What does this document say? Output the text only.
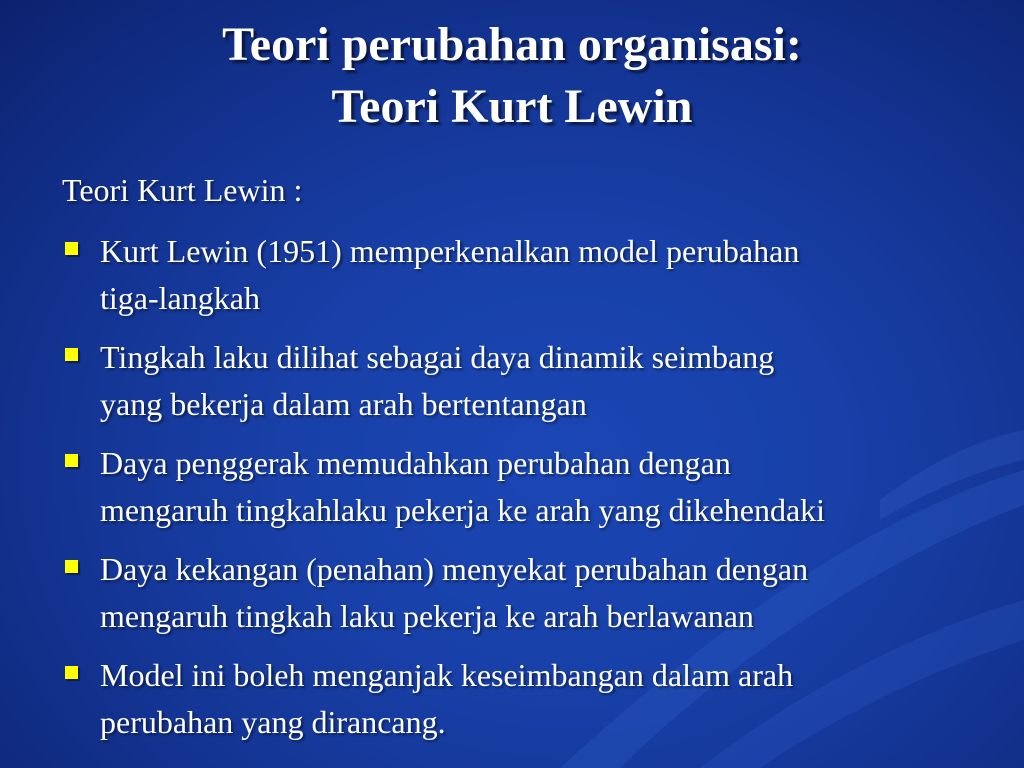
Teori perubahan organisasi:
Teori Kurt Lewin
Teori Kurt Lewin :
Kurt Lewin (1951) memperkenalkan model perubahan
tiga-langkah
Tingkah laku dilihat sebagai daya dinamik seimbang
yang bekerja dalam arah bertentangan
Daya penggerak memudahkan perubahan dengan
mengaruh tingkahlaku pekerja ke arah yang dikehendaki
Daya kekangan (penahan) menyekat perubahan dengan
mengaruh tingkah laku pekerja ke arah berlawanan
Model ini boleh menganjak keseimbangan dalam arah
perubahan yang dirancang.
